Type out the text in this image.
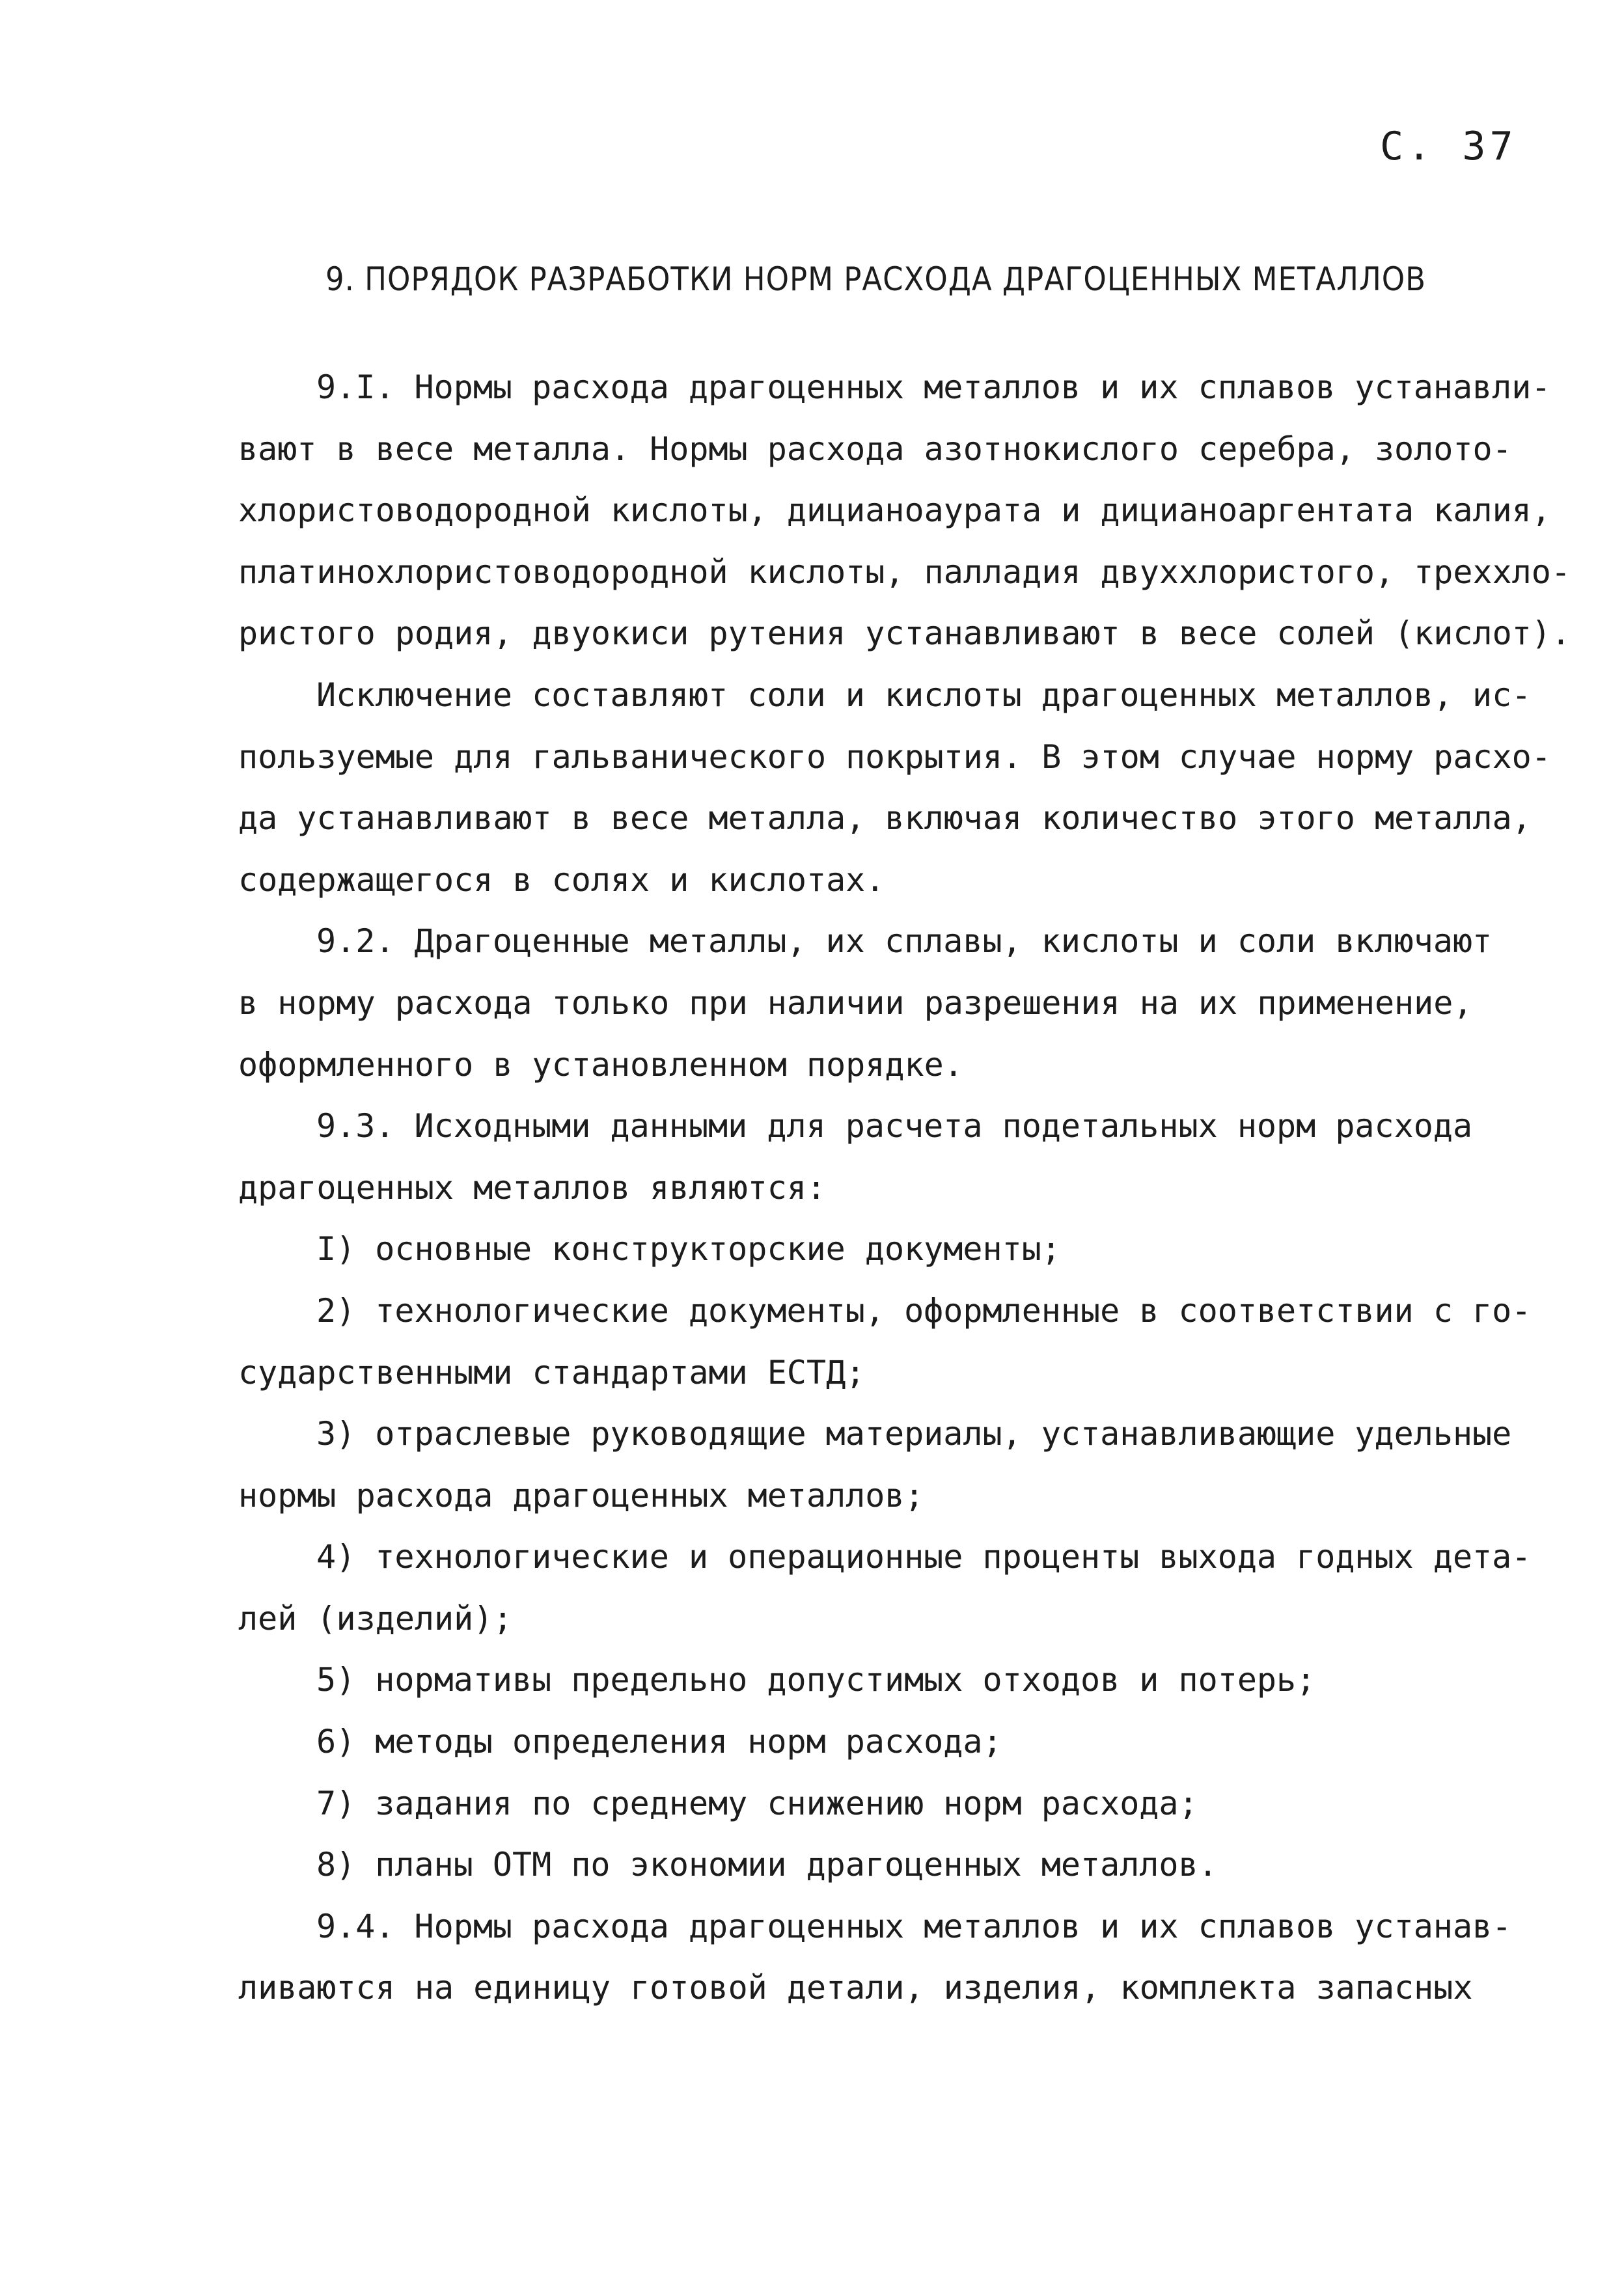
С. 37
9. ПОРЯДОК РАЗРАБОТКИ НОРМ РАСХОДА ДРАГОЦЕННЫХ МЕТАЛЛОВ
9.I. Нормы расхода драгоценных металлов и их сплавов устанавли-
вают в весе металла. Нормы расхода азотнокислого серебра, золото-
хлористоводородной кислоты, дицианоаурата и дицианоаргентата калия,
платинохлористоводородной кислоты, палладия двуххлористого, трехxло-
ристого родия, двуокиси рутения устанавливают в весе солей (кислот).
Исключение составляют соли и кислоты драгоценных металлов, ис-
пользуемые для гальванического покрытия. В этом случае норму расхо-
да устанавливают в весе металла, включая количество этого металла,
содержащегося в солях и кислотах.
9.2. Драгоценные металлы, их сплавы, кислоты и соли включают
в норму расхода только при наличии разрешения на их применение,
оформленного в установленном порядке.
9.3. Исходными данными для расчета подетальных норм расхода
драгоценных металлов являются:
I) основные конструкторские документы;
2) технологические документы, оформленные в соответствии с го-
сударственными стандартами ЕСТД;
3) отраслевые руководящие материалы, устанавливающие удельные
нормы расхода драгоценных металлов;
4) технологические и операционные проценты выхода годных дета-
лей (изделий);
5) нормативы предельно допустимых отходов и потерь;
6) методы определения норм расхода;
7) задания по среднему снижению норм расхода;
8) планы ОТМ по экономии драгоценных металлов.
9.4. Нормы расхода драгоценных металлов и их сплавов устанав-
ливаются на единицу готовой детали, изделия, комплекта запасных
